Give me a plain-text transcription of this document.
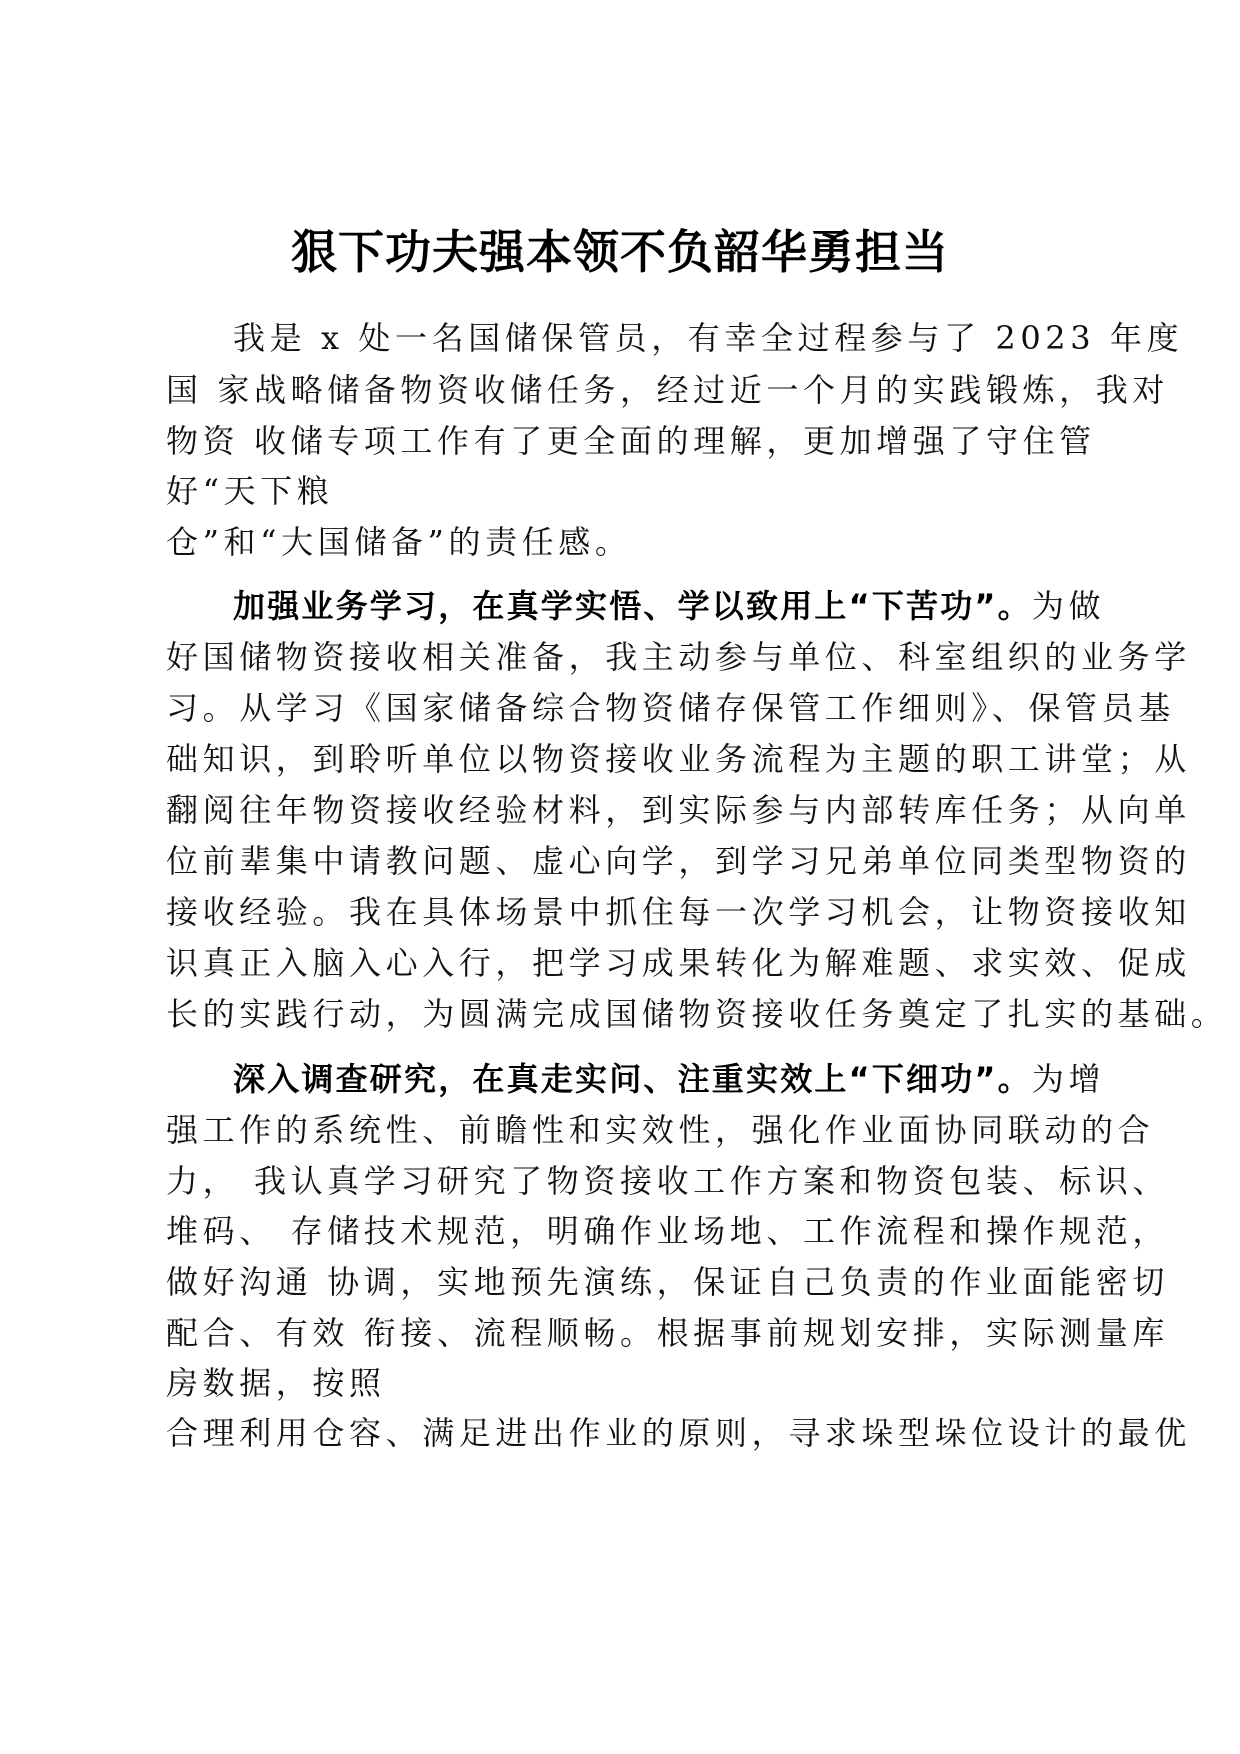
狠下功夫强本领不负韶华勇担当
我是 x 处一名国储保管员，有幸全过程参与了 2023 年度
国 家战略储备物资收储任务，经过近一个月的实践锻炼，我对
物资 收储专项工作有了更全面的理解，更加增强了守住管
好“天下粮
仓”和“大国储备”的责任感。
加强业务学习，在真学实悟、学以致用上“下苦功”。为做
好国储物资接收相关准备，我主动参与单位、科室组织的业务学
习。从学习《国家储备综合物资储存保管工作细则》、保管员基
础知识，到聆听单位以物资接收业务流程为主题的职工讲堂；从
翻阅往年物资接收经验材料，到实际参与内部转库任务；从向单
位前辈集中请教问题、虚心向学，到学习兄弟单位同类型物资的
接收经验。我在具体场景中抓住每一次学习机会，让物资接收知
识真正入脑入心入行，把学习成果转化为解难题、求实效、促成
长的实践行动，为圆满完成国储物资接收任务奠定了扎实的基础。
深入调查研究，在真走实问、注重实效上“下细功”。为增
强工作的系统性、前瞻性和实效性，强化作业面协同联动的合
力， 我认真学习研究了物资接收工作方案和物资包装、标识、
堆码、 存储技术规范，明确作业场地、工作流程和操作规范，
做好沟通 协调，实地预先演练，保证自己负责的作业面能密切
配合、有效 衔接、流程顺畅。根据事前规划安排，实际测量库
房数据，按照
合理利用仓容、满足进出作业的原则，寻求垛型垛位设计的最优
